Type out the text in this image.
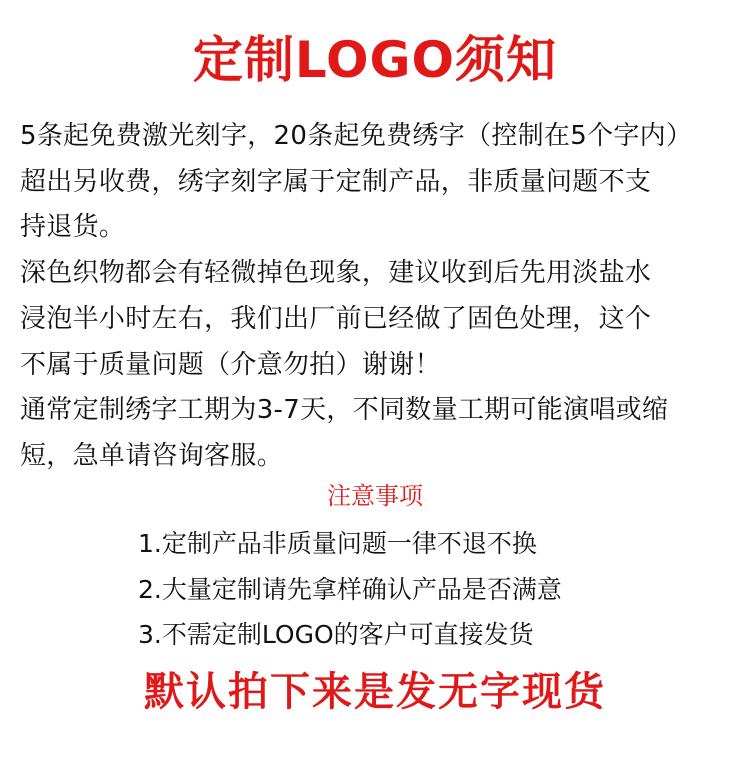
定制LOGO须知
5条起免费激光刻字，20条起免费绣字（控制在5个字内）
超出另收费，绣字刻字属于定制产品，非质量问题不支
持退货。
深色织物都会有轻微掉色现象，建议收到后先用淡盐水
浸泡半小时左右，我们出厂前已经做了固色处理，这个
不属于质量问题（介意勿拍）谢谢！
通常定制绣字工期为3-7天，不同数量工期可能演唱或缩
短，急单请咨询客服。
注意事项
1.定制产品非质量问题一律不退不换
2.大量定制请先拿样确认产品是否满意
3.不需定制LOGO的客户可直接发货

默认拍下来是发无字现货
